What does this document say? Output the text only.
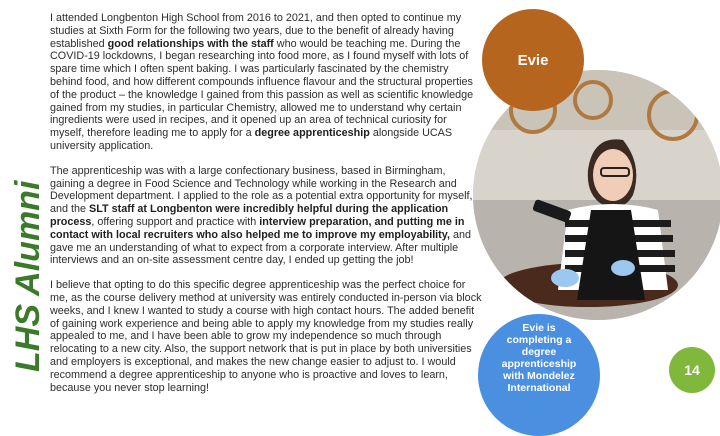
LHS Alumni

I attended Longbenton High School from 2016 to 2021, and then opted to continue my studies at Sixth Form for the following two years, due to the benefit of already having established good relationships with the staff who would be teaching me. During the COVID-19 lockdowns, I began researching into food more, as I found myself with lots of spare time which I often spent baking. I was particularly fascinated by the chemistry behind food, and how different compounds influence flavour and the structural properties of the product – the knowledge I gained from this passion as well as scientific knowledge gained from my studies, in particular Chemistry, allowed me to understand why certain ingredients were used in recipes, and it opened up an area of technical curiosity for myself, therefore leading me to apply for a degree apprenticeship alongside UCAS university application.

The apprenticeship was with a large confectionary business, based in Birmingham, gaining a degree in Food Science and Technology while working in the Research and Development department. I applied to the role as a potential extra opportunity for myself, and the SLT staff at Longbenton were incredibly helpful during the application process, offering support and practice with interview preparation, and putting me in contact with local recruiters who also helped me to improve my employability, and gave me an understanding of what to expect from a corporate interview. After multiple interviews and an on-site assessment centre day, I ended up getting the job!

I believe that opting to do this specific degree apprenticeship was the perfect choice for me, as the course delivery method at university was entirely conducted in-person via block weeks, and I knew I wanted to study a course with high contact hours. The added benefit of gaining work experience and being able to apply my knowledge from my studies really appealed to me, and I have been able to grow my independence so much through relocating to a new city. Also, the support network that is put in place by both universities and employers is exceptional, and makes the new change easier to adjust to. I would recommend a degree apprenticeship to anyone who is proactive and loves to learn, because you never stop learning!

Evie
Evie is completing a degree apprenticeship with Mondelez International
14
